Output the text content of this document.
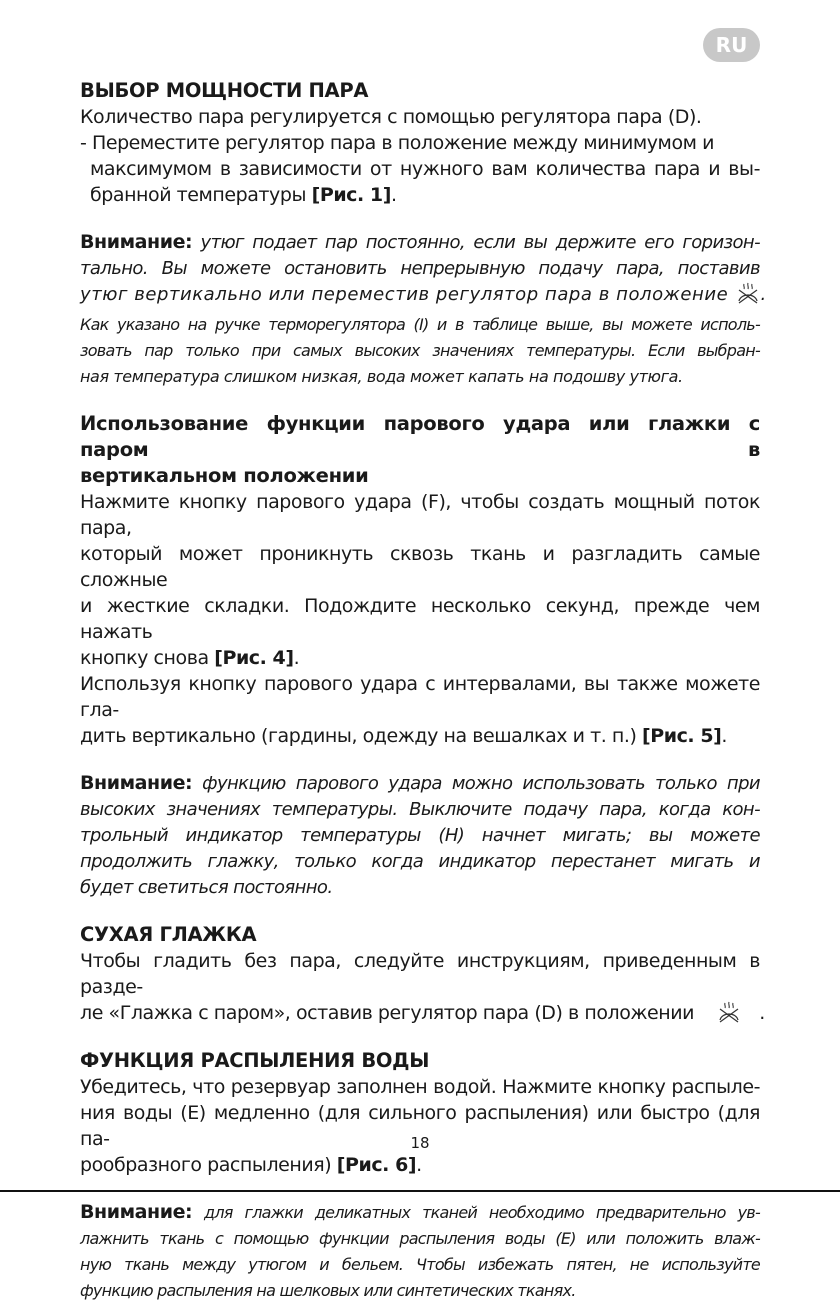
RU
ВЫБОР МОЩНОСТИ ПАРА
Количество пара регулируется с помощью регулятора пара (D).
- Переместите регулятор пара в положение между минимумом и
максимумом в зависимости от нужного вам количества пара и вы-
бранной температуры [Рис. 1].
Внимание: утюг подает пар постоянно, если вы держите его горизон-
тально. Вы можете остановить непрерывную подачу пара, поставив
утюг вертикально или переместив регулятор пара в положение .
Как указано на ручке терморегулятора (I) и в таблице выше, вы можете исполь-
зовать пар только при самых высоких значениях температуры. Если выбран-
ная температура слишком низкая, вода может капать на подошву утюга.
Использование функции парового удара или глажки с паром в
вертикальном положении
Нажмите кнопку парового удара (F), чтобы создать мощный поток пара,
который может проникнуть сквозь ткань и разгладить самые сложные
и жесткие складки. Подождите несколько секунд, прежде чем нажать
кнопку снова [Рис. 4].
Используя кнопку парового удара с интервалами, вы также можете гла-
дить вертикально (гардины, одежду на вешалках и т. п.) [Рис. 5].
Внимание: функцию парового удара можно использовать только при
высоких значениях температуры. Выключите подачу пара, когда кон-
трольный индикатор температуры (H) начнет мигать; вы можете
продолжить глажку, только когда индикатор перестанет мигать и
будет светиться постоянно.
СУХАЯ ГЛАЖКА
Чтобы гладить без пара, следуйте инструкциям, приведенным в разде-
ле «Глажка с паром», оставив регулятор пара (D) в положении	.
ФУНКЦИЯ РАСПЫЛЕНИЯ ВОДЫ
Убедитесь, что резервуар заполнен водой. Нажмите кнопку распыле-
ния воды (E) медленно (для сильного распыления) или быстро (для па-
рообразного распыления) [Рис. 6].
Внимание: для глажки деликатных тканей необходимо предварительно ув-
лажнить ткань с помощью функции распыления воды (E) или положить влаж-
ную ткань между утюгом и бельем. Чтобы избежать пятен, не используйте
функцию распыления на шелковых или синтетических тканях.
18
